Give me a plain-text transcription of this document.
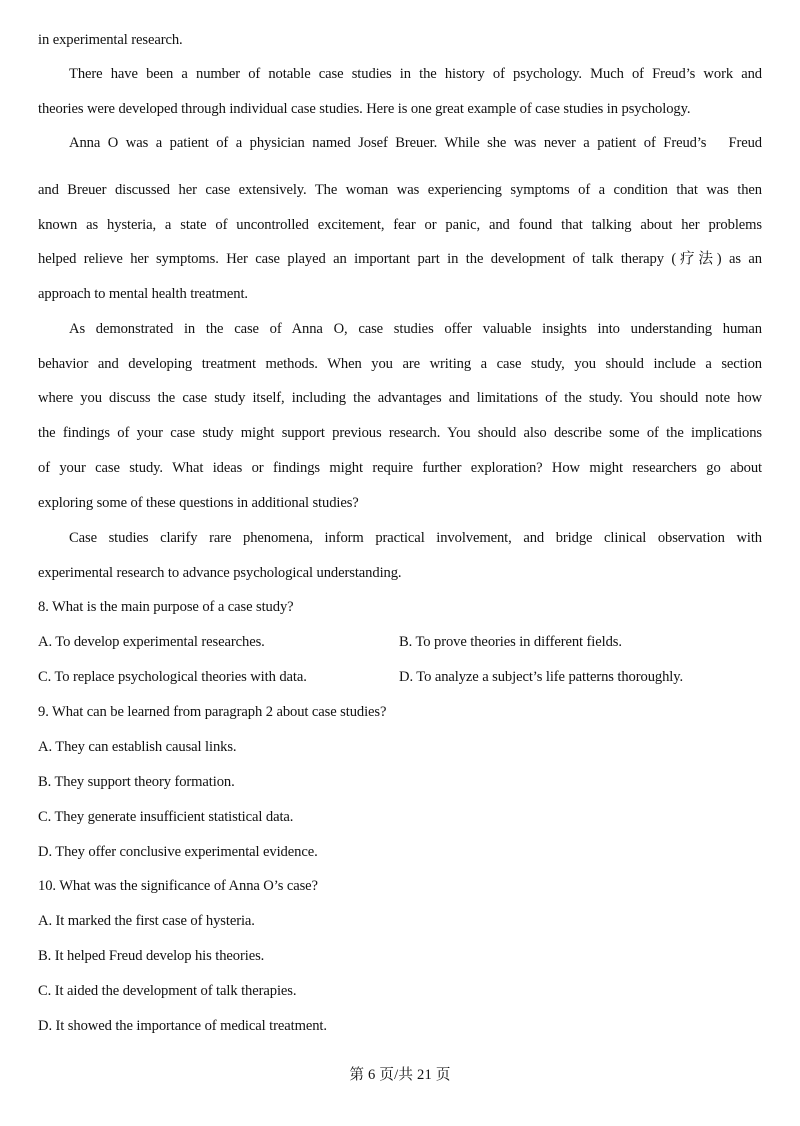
in experimental research.
There have been a number of notable case studies in the history of psychology. Much of Freud’s work and
theories were developed through individual case studies. Here is one great example of case studies in psychology.
Anna O was a patient of a physician named Josef Breuer. While she was never a patient of Freud’s  Freud
and Breuer discussed her case extensively. The woman was experiencing symptoms of a condition that was then
known as hysteria, a state of uncontrolled excitement, fear or panic, and found that talking about her problems
helped relieve her symptoms. Her case played an important part in the development of talk therapy (疗法) as an
approach to mental health treatment.
As demonstrated in the case of Anna O, case studies offer valuable insights into understanding human
behavior and developing treatment methods. When you are writing a case study, you should include a section
where you discuss the case study itself, including the advantages and limitations of the study. You should note how
the findings of your case study might support previous research. You should also describe some of the implications
of your case study. What ideas or findings might require further exploration? How might researchers go about
exploring some of these questions in additional studies?
Case studies clarify rare phenomena, inform practical involvement, and bridge clinical observation with
experimental research to advance psychological understanding.
8. What is the main purpose of a case study?
A. To develop experimental researches.	B. To prove theories in different fields.
C. To replace psychological theories with data.	D. To analyze a subject’s life patterns thoroughly.
9. What can be learned from paragraph 2 about case studies?
A. They can establish causal links.
B. They support theory formation.
C. They generate insufficient statistical data.
D. They offer conclusive experimental evidence.
10. What was the significance of Anna O’s case?
A. It marked the first case of hysteria.
B. It helped Freud develop his theories.
C. It aided the development of talk therapies.
D. It showed the importance of medical treatment.
第 6 页/共 21 页
